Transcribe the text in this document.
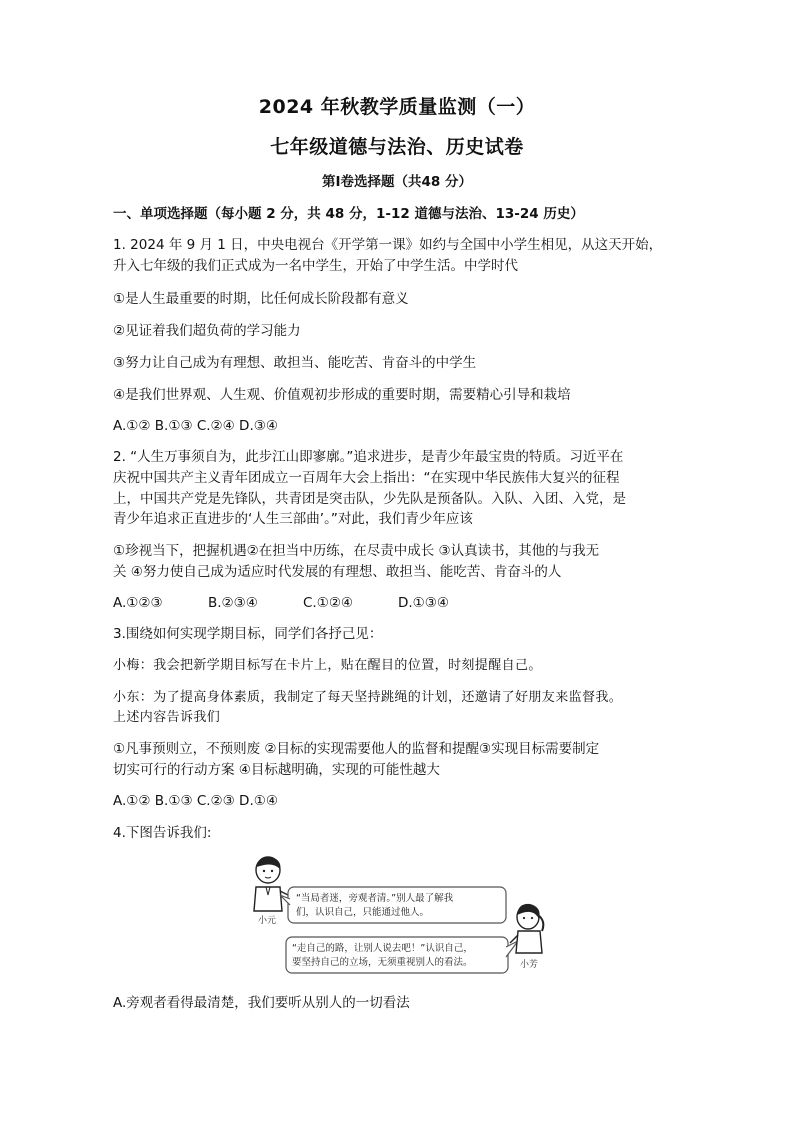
2024 年秋教学质量监测（一）
七年级道德与法治、历史试卷
第Ⅰ卷选择题（共48 分）
一、单项选择题（每小题 2 分，共 48 分，1-12 道德与法治、13-24 历史）
1. 2024 年 9 月 1 日，中央电视台《开学第一课》如约与全国中小学生相见，从这天开始，
升入七年级的我们正式成为一名中学生，开始了中学生活。中学时代
①是人生最重要的时期，比任何成长阶段都有意义
②见证着我们超负荷的学习能力
③努力让自己成为有理想、敢担当、能吃苦、肯奋斗的中学生
④是我们世界观、人生观、价值观初步形成的重要时期，需要精心引导和栽培
A.①② B.①③ C.②④ D.③④
2. “人生万事须自为，此步江山即寥廓。”追求进步，是青少年最宝贵的特质。习近平在
庆祝中国共产主义青年团成立一百周年大会上指出：“在实现中华民族伟大复兴的征程
上，中国共产党是先锋队，共青团是突击队，少先队是预备队。入队、入团、入党，是
青少年追求正直进步的‘人生三部曲’。”对此，我们青少年应该
①珍视当下，把握机遇②在担当中历练，在尽责中成长 ③认真读书，其他的与我无
关 ④努力使自己成为适应时代发展的有理想、敢担当、能吃苦、肯奋斗的人
A.①②③	B.②③④	C.①②④	D.①③④
3.围绕如何实现学期目标，同学们各抒己见：
小梅：我会把新学期目标写在卡片上，贴在醒目的位置，时刻提醒自己。
小东：为了提高身体素质，我制定了每天坚持跳绳的计划，还邀请了好朋友来监督我。
上述内容告诉我们
①凡事预则立，不预则废 ②目标的实现需要他人的监督和提醒③实现目标需要制定
切实可行的行动方案 ④目标越明确，实现的可能性越大
A.①② B.①③ C.②③ D.①④
4.下图告诉我们:
小元
“当局者迷，旁观者清。”别人最了解我
们，认识自己，只能通过他人。
“走自己的路，让别人说去吧！”认识自己，
要坚持自己的立场，无须重视别人的看法。	小芳
A.旁观者看得最清楚，我们要听从别人的一切看法
